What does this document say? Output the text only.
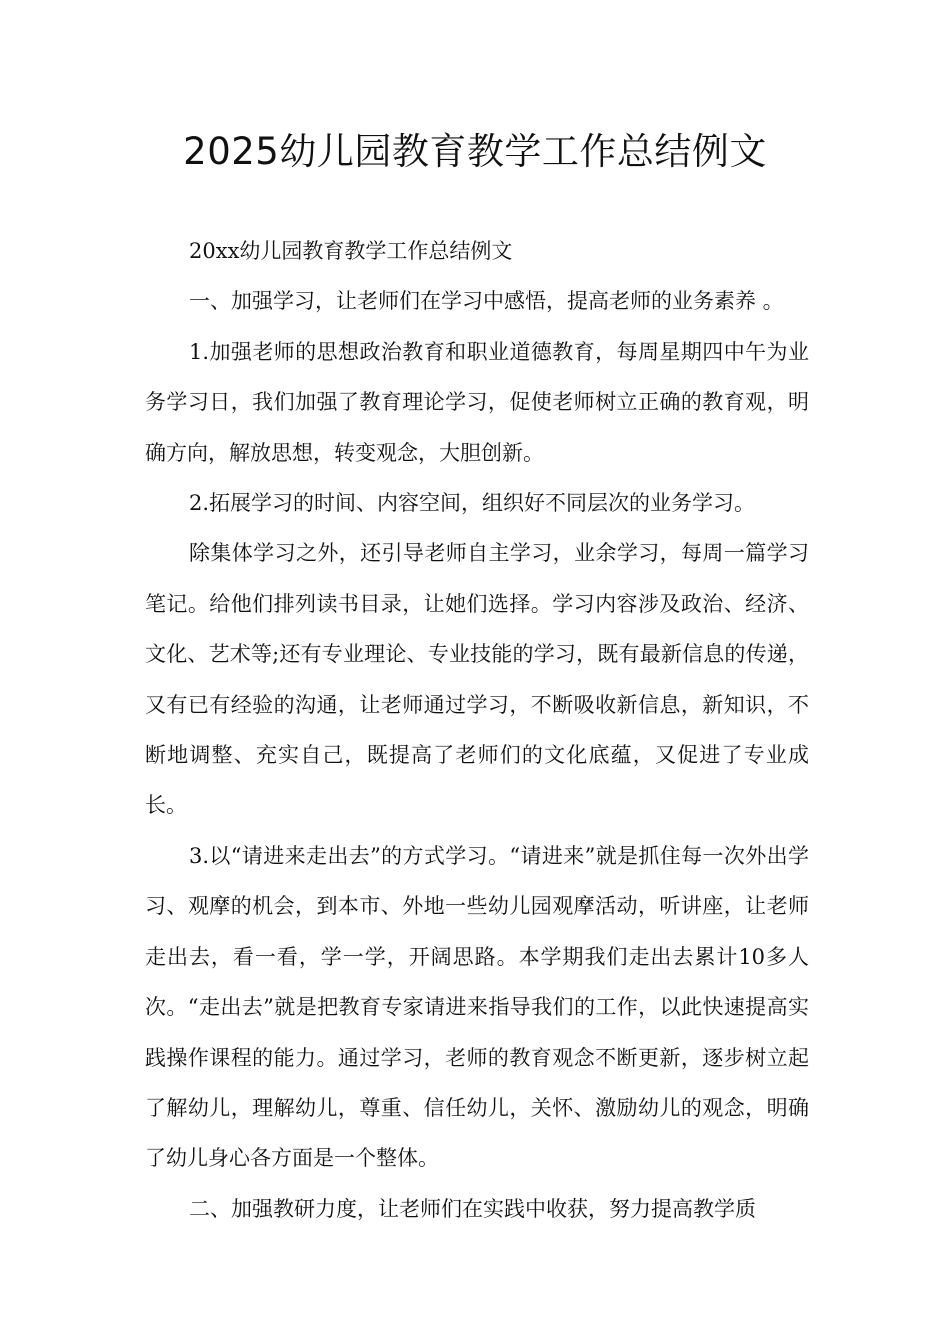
2025幼儿园教育教学工作总结例文

20xx幼儿园教育教学工作总结例文

一、加强学习，让老师们在学习中感悟，提高老师的业务素养 。

1.加强老师的思想政治教育和职业道德教育，每周星期四中午为业务学习日，我们加强了教育理论学习，促使老师树立正确的教育观，明确方向，解放思想，转变观念，大胆创新。

2.拓展学习的时间、内容空间，组织好不同层次的业务学习。

除集体学习之外，还引导老师自主学习，业余学习，每周一篇学习笔记。给他们排列读书目录，让她们选择。学习内容涉及政治、经济、文化、艺术等;还有专业理论、专业技能的学习，既有最新信息的传递，又有已有经验的沟通，让老师通过学习，不断吸收新信息，新知识，不断地调整、充实自己，既提高了老师们的文化底蕴，又促进了专业成长。

3.以“请进来走出去”的方式学习。“请进来”就是抓住每一次外出学习、观摩的机会，到本市、外地一些幼儿园观摩活动，听讲座，让老师走出去，看一看，学一学，开阔思路。本学期我们走出去累计10多人次。“走出去”就是把教育专家请进来指导我们的工作，以此快速提高实践操作课程的能力。通过学习，老师的教育观念不断更新，逐步树立起了解幼儿，理解幼儿，尊重、信任幼儿，关怀、激励幼儿的观念，明确了幼儿身心各方面是一个整体。

二、加强教研力度，让老师们在实践中收获，努力提高教学质
